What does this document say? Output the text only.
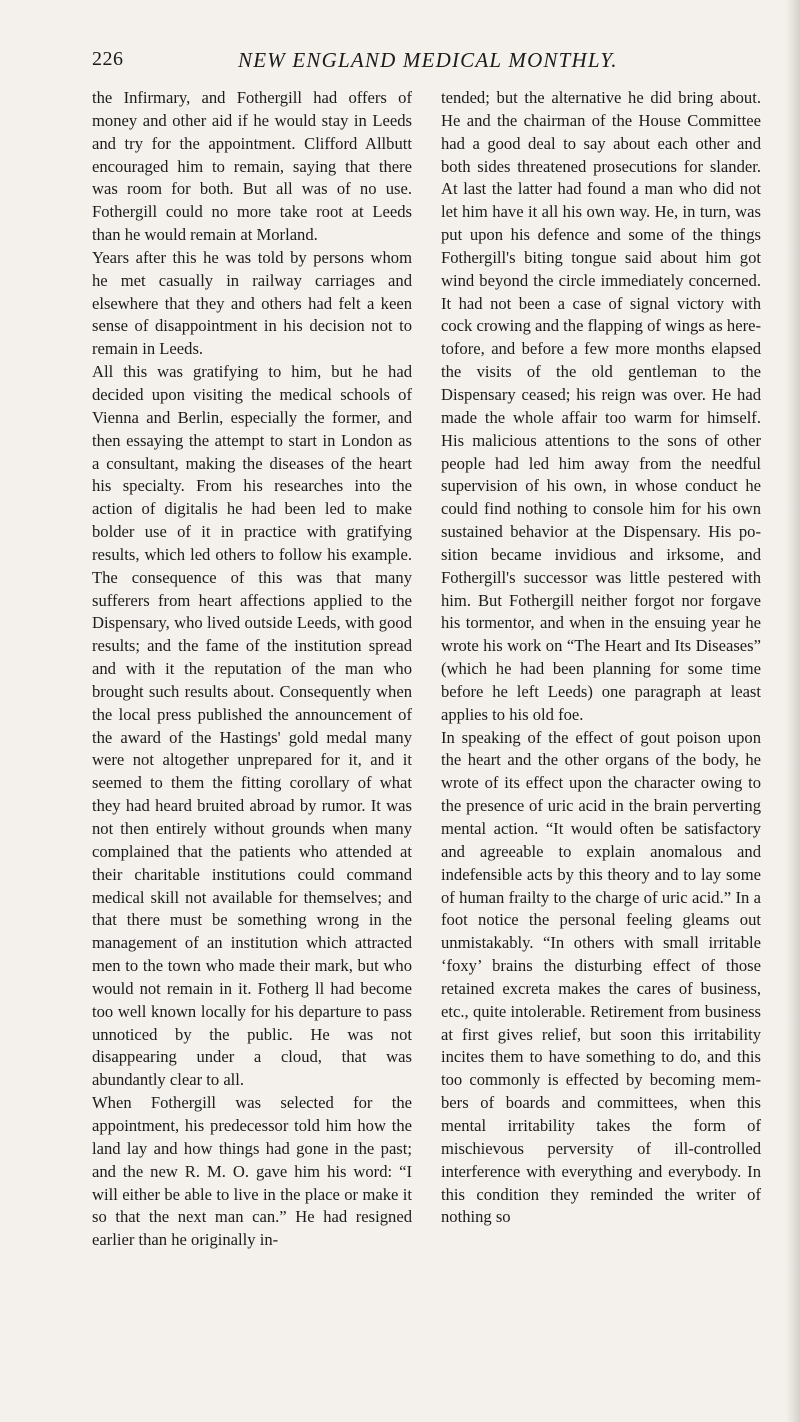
226	NEW ENGLAND MEDICAL MONTHLY.

the Infirmary, and Fothergill had offers of money and other aid if he would stay in Leeds and try for the appointment. Clifford Allbutt encouraged him to remain, saying that there was room for both. But all was of no use. Fothergill could no more take root at Leeds than he would remain at Morland.

Years after this he was told by persons whom he met casually in railway carriages and elsewhere that they and others had felt a keen sense of disappointment in his decision not to remain in Leeds.

All this was gratifying to him, but he had decided upon visiting the medical schools of Vienna and Berlin, especially the former, and then essaying the attempt to start in London as a consultant, making the diseases of the heart his specialty. From his researches into the action of digitalis he had been led to make bolder use of it in practice with gratifying results, which led others to follow his example. The consequence of this was that many sufferers from heart affections applied to the Dispensary, who lived outside Leeds, with good results; and the fame of the institution spread and with it the reputation of the man who brought such results about. Consequently when the local press published the announcement of the award of the Hastings' gold medal many were not altogether unprepared for it, and it seemed to them the fitting corollary of what they had heard bruited abroad by rumor. It was not then entirely without grounds when many complained that the patients who attended at their charitable institutions could command medical skill not available for themselves; and that there must be something wrong in the management of an institution which attracted men to the town who made their mark, but who would not remain in it. Fotherg ll had become too well known locally for his departure to pass unnoticed by the public. He was not disappearing under a cloud, that was abundantly clear to all.

When Fothergill was selected for the appointment, his predecessor told him how the land lay and how things had gone in the past; and the new R. M. O. gave him his word: “I will either be able to live in the place or make it so that the next man can.” He had resigned earlier than he originally in-

tended; but the alternative he did bring about. He and the chairman of the House Committee had a good deal to say about each other and both sides threatened prosecutions for slander. At last the latter had found a man who did not let him have it all his own way. He, in turn, was put upon his defence and some of the things Fothergill's biting tongue said about him got wind beyond the circle immediately concerned. It had not been a case of signal victory with cock crowing and the flapping of wings as heretofore, and before a few more months elapsed the visits of the old gentleman to the Dispensary ceased; his reign was over. He had made the whole affair too warm for himself. His malicious attentions to the sons of other people had led him away from the needful supervision of his own, in whose conduct he could find nothing to console him for his own sustained behavior at the Dispensary. His position became invidious and irksome, and Fothergill's successor was little pestered with him. But Fothergill neither forgot nor forgave his tormentor, and when in the ensuing year he wrote his work on “The Heart and Its Diseases” (which he had been planning for some time before he left Leeds) one paragraph at least applies to his old foe.

In speaking of the effect of gout poison upon the heart and the other organs of the body, he wrote of its effect upon the character owing to the presence of uric acid in the brain perverting mental action. “It would often be satisfactory and agreeable to explain anomalous and indefensible acts by this theory and to lay some of human frailty to the charge of uric acid.” In a foot notice the personal feeling gleams out unmistakably. “In others with small irritable ‘foxy’ brains the disturbing effect of those retained excreta makes the cares of business, etc., quite intolerable. Retirement from business at first gives relief, but soon this irritability incites them to have something to do, and this too commonly is effected by becoming members of boards and committees, when this mental irritability takes the form of mischievous perversity of ill-controlled interference with everything and everybody. In this condition they reminded the writer of nothing so
